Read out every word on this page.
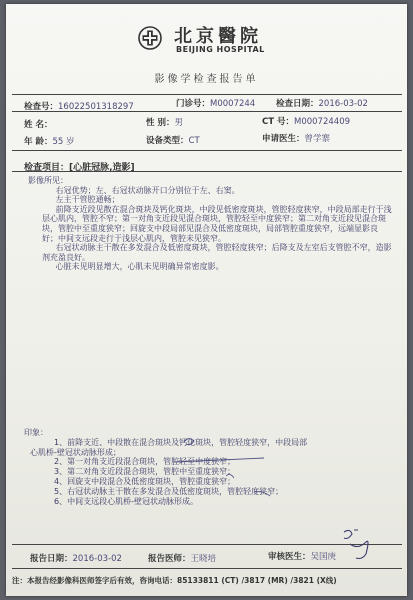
北京醫院
BEIJING HOSPITAL
影像学检查报告单
检查号：16022501318297	门诊号：M0007244 检查日期：2016-03-02
姓 名：	性 别：男	CT 号：M000724409
年 龄：55 岁	设备类型：CT	申请医生：曾学寨
检查项目：[心脏冠脉,造影]

影像所见：

右冠优势；左、右冠状动脉开口分别位于左、右窦。

左主干管腔通畅；

前降支近段见散在混合斑块及钙化斑块，中段见低密度斑块，管腔轻度狭窄，中段局部走行于浅层心肌内，管腔不窄；第一对角支近段见混合斑块，管腔轻至中度狭窄；第二对角支近段见混合斑块，管腔中至重度狭窄；回旋支中段局部见混合及低密度斑块，局部管腔重度狭窄，远端显影良好；中间支远段走行于浅层心肌内，管腔未见狭窄。

右冠状动脉主干散在多发混合及低密度斑块，管腔轻度狭窄；后降支及左室后支管腔不窄，造影剂充盈良好。

心脏未见明显增大，心肌未见明确异常密度影。

印象：

1、前降支近、中段散在混合斑块及钙化斑块，管腔轻度狭窄，中段局部

心肌桥-壁冠状动脉形成；

2、第一对角支近段混合斑块，管腔轻至中度狭窄；

3、第二对角支近段混合斑块，管腔中至重度狭窄；

4、回旋支中段混合及低密度斑块，管腔重度狭窄；

5、右冠状动脉主干散在多发混合及低密度斑块，管腔轻度狭窄；

6、中间支远段心肌桥-壁冠状动脉形成。

报告日期：2016-03-02	报告医师：王晓培	审核医生：吴国庚
注：本报告经影像科医师签字后有效，咨询电话：85133811 (CT) /3817 (MR) /3821 (X线)
